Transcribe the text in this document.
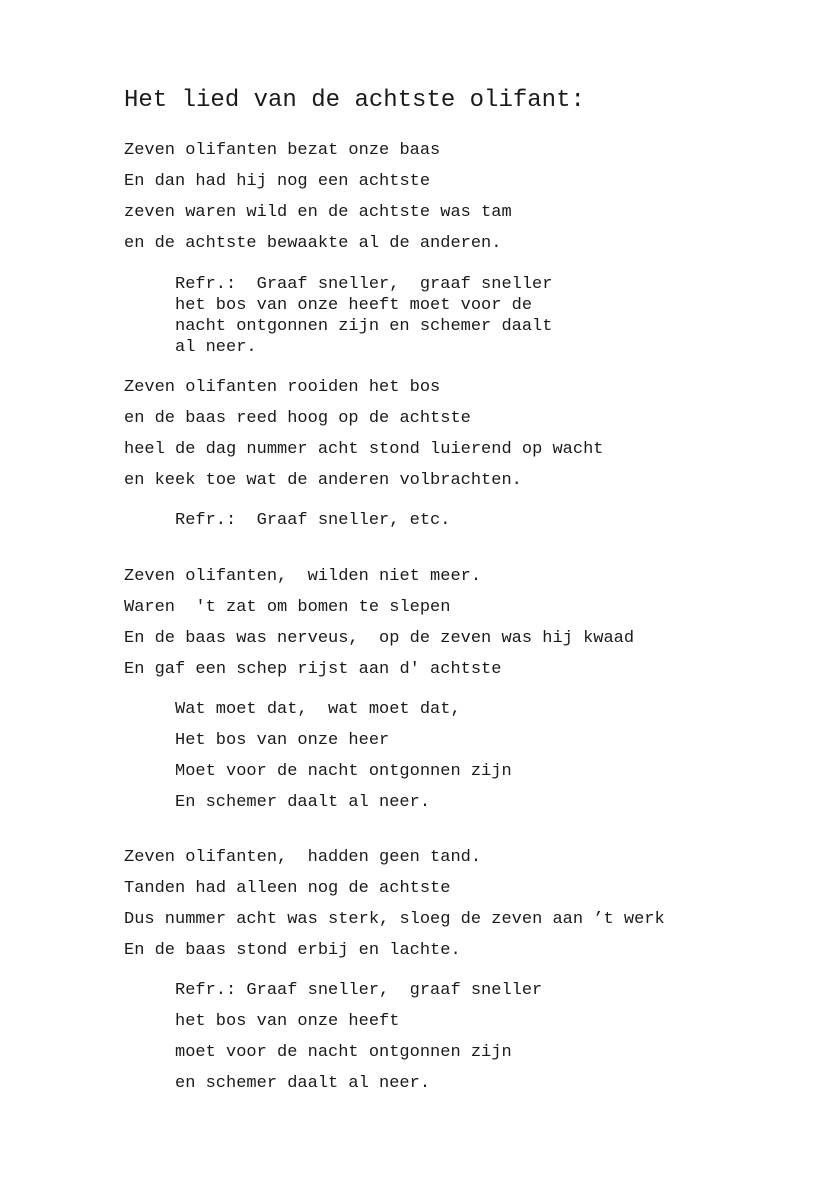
Het lied van de achtste olifant:

Zeven olifanten bezat onze baas

En dan had hij nog een achtste

zeven waren wild en de achtste was tam

en de achtste bewaakte al de anderen.

Refr.:  Graaf sneller,  graaf sneller

het bos van onze heeft moet voor de

nacht ontgonnen zijn en schemer daalt

al neer.

Zeven olifanten rooiden het bos

en de baas reed hoog op de achtste

heel de dag nummer acht stond luierend op wacht

en keek toe wat de anderen volbrachten.

Refr.:  Graaf sneller, etc.

Zeven olifanten,  wilden niet meer.

Waren  't zat om bomen te slepen

En de baas was nerveus,  op de zeven was hij kwaad

En gaf een schep rijst aan d' achtste

Wat moet dat,  wat moet dat,

Het bos van onze heer

Moet voor de nacht ontgonnen zijn

En schemer daalt al neer.

Zeven olifanten,  hadden geen tand.

Tanden had alleen nog de achtste

Dus nummer acht was sterk, sloeg de zeven aan ’t werk

En de baas stond erbij en lachte.

Refr.: Graaf sneller,  graaf sneller

het bos van onze heeft

moet voor de nacht ontgonnen zijn

en schemer daalt al neer.
